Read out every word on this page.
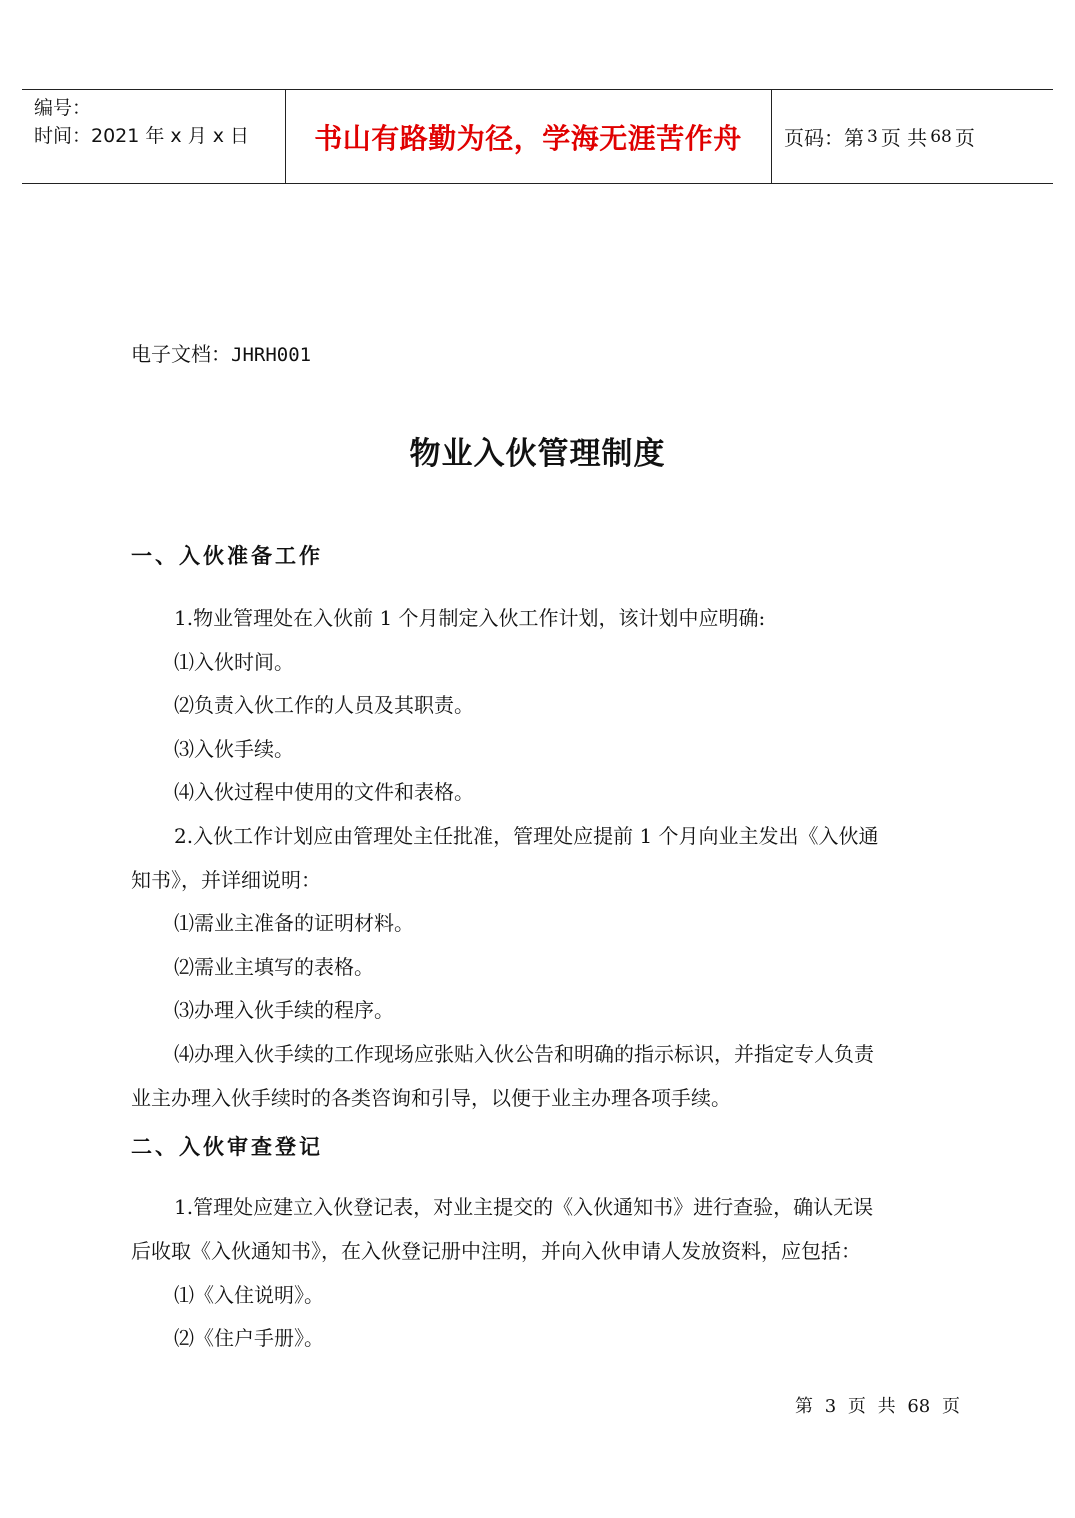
编号：
时间：2021 年 x 月 x 日	书山有路勤为径，学海无涯苦作舟	页码：第 3 页 共 68 页
电子文档：JHRH001
物业入伙管理制度
一、入伙准备工作
1.物业管理处在入伙前 1 个月制定入伙工作计划，该计划中应明确:
⑴入伙时间。
⑵负责入伙工作的人员及其职责。
⑶入伙手续。
⑷入伙过程中使用的文件和表格。
2.入伙工作计划应由管理处主任批准，管理处应提前 1 个月向业主发出《入伙通
知书》，并详细说明：
⑴需业主准备的证明材料。
⑵需业主填写的表格。
⑶办理入伙手续的程序。
⑷办理入伙手续的工作现场应张贴入伙公告和明确的指示标识，并指定专人负责
业主办理入伙手续时的各类咨询和引导，以便于业主办理各项手续。
二、入伙审查登记
1.管理处应建立入伙登记表，对业主提交的《入伙通知书》进行查验，确认无误
后收取《入伙通知书》，在入伙登记册中注明，并向入伙申请人发放资料，应包括：
⑴《入住说明》。
⑵《住户手册》。
第 3 页 共 68 页
